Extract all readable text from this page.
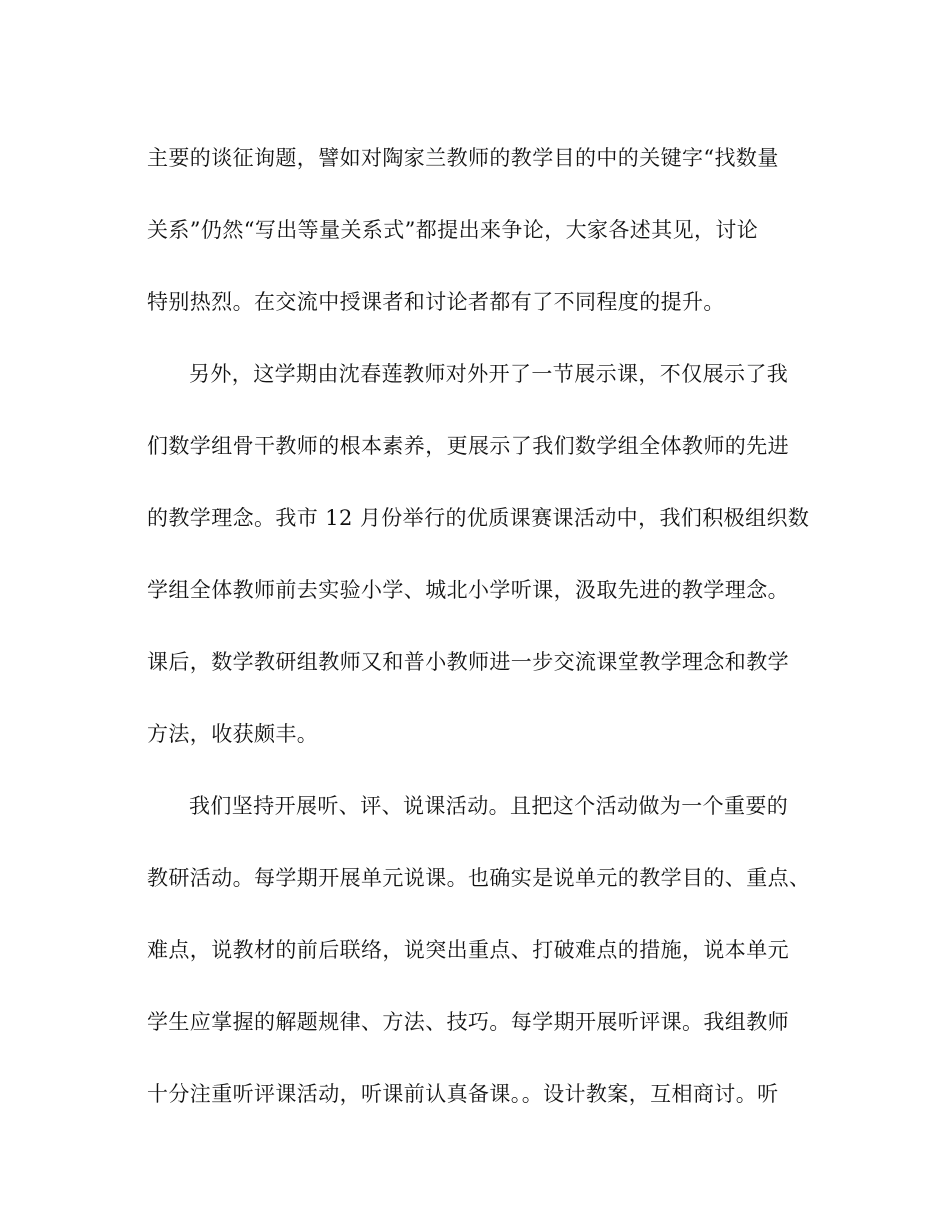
主要的谈征询题，譬如对陶家兰教师的教学目的中的关键字“找数量
关系”仍然“写出等量关系式”都提出来争论，大家各述其见，讨论
特别热烈。在交流中授课者和讨论者都有了不同程度的提升。
另外，这学期由沈春莲教师对外开了一节展示课，不仅展示了我
们数学组骨干教师的根本素养，更展示了我们数学组全体教师的先进
的教学理念。我市 12 月份举行的优质课赛课活动中，我们积极组织数
学组全体教师前去实验小学、城北小学听课，汲取先进的教学理念。
课后，数学教研组教师又和普小教师进一步交流课堂教学理念和教学
方法，收获颇丰。
我们坚持开展听、评、说课活动。且把这个活动做为一个重要的
教研活动。每学期开展单元说课。也确实是说单元的教学目的、重点、
难点，说教材的前后联络，说突出重点、打破难点的措施，说本单元
学生应掌握的解题规律、方法、技巧。每学期开展听评课。我组教师
十分注重听评课活动，听课前认真备课。。设计教案，互相商讨。听
